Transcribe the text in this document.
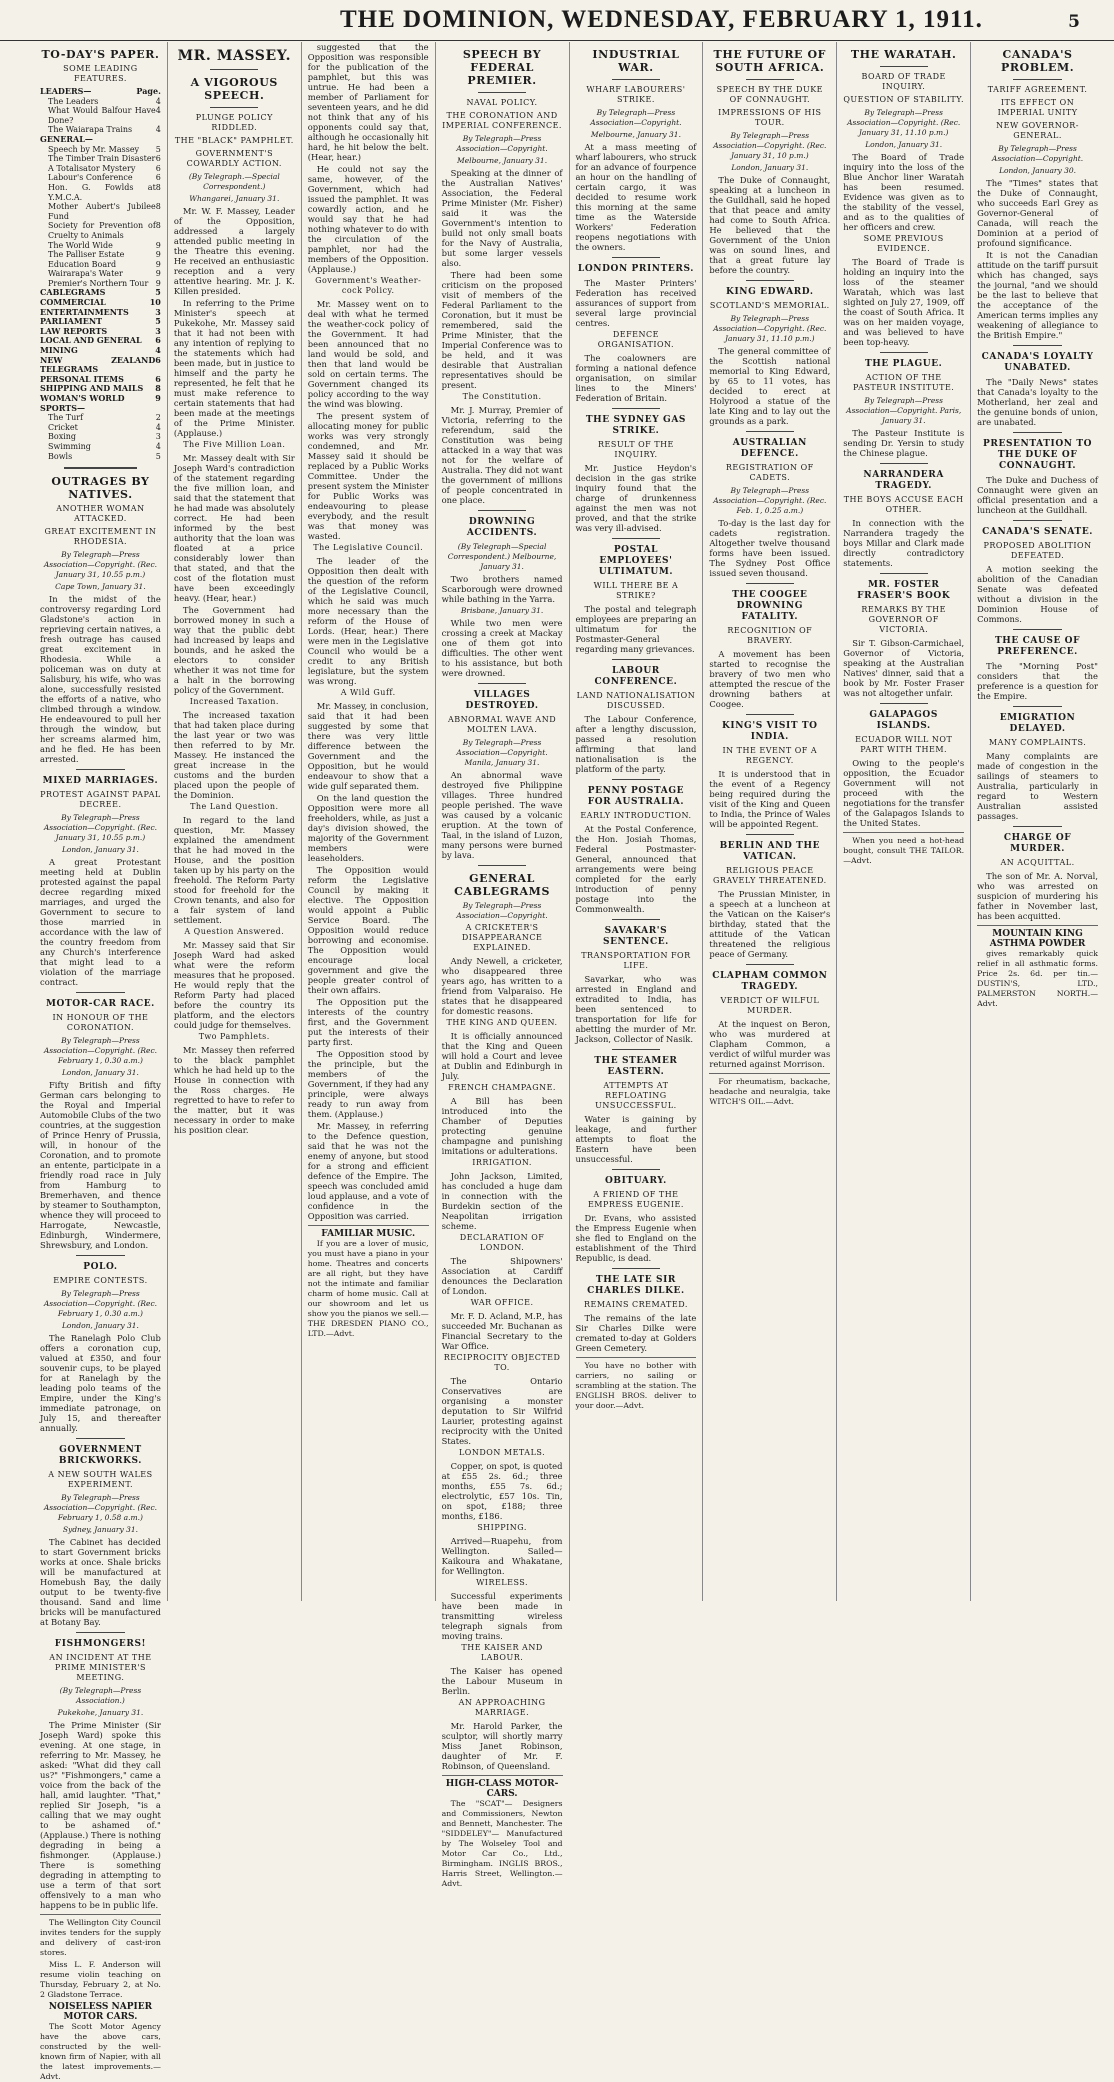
THE DOMINION, WEDNESDAY, FEBRUARY 1, 1911.	5
TO-DAY'S PAPER.
SOME LEADING FEATURES.
LEADERS—	Page.
The Leaders	4
What Would Balfour Have Done?
4
The Waiarapa Trains	4
GENERAL—
Speech by Mr. Massey 5
The Timber Train Disaster 6
A Totalisator Mystery	6
Labour's Conference	6
Hon. G. Fowlds at Y.M.C.A.
8
Mother Aubert's Jubilee Fund
8
Society for Prevention of Cruelty to Animals
8
The World Wide	9
The Palliser Estate	9
Education Board	9
Wairarapa's Water	9
Premier's Northern Tour 9
CABLEGRAMS	5
COMMERCIAL	10
ENTERTAINMENTS	3
PARLIAMENT	5
LAW REPORTS	3
LOCAL AND GENERAL 6
MINING	4
NEW ZEALAND TELEGRAMS
6
PERSONAL ITEMS	6
SHIPPING AND MAILS 8
WOMAN'S WORLD	9
SPORTS—
The Turf	2
Cricket	4
Boxing	3
Swimming	4
Bowls	5
OUTRAGES BY NATIVES.
ANOTHER WOMAN ATTACKED.
GREAT EXCITEMENT IN RHODESIA.
By Telegraph—Press Association—Copyright. (Rec. January 31, 10.55 p.m.)
Cape Town, January 31.

In the midst of the controversy regarding Lord Gladstone's action in reprieving certain natives, a fresh outrage has caused great excitement in Rhodesia. While a policeman was on duty at Salisbury, his wife, who was alone, successfully resisted the efforts of a native, who climbed through a window. He endeavoured to pull her through the window, but her screams alarmed him, and he fled. He has been arrested.

MIXED MARRIAGES.
PROTEST AGAINST PAPAL DECREE.
By Telegraph—Press Association—Copyright. (Rec. January 31, 10.55 p.m.)
London, January 31.

A great Protestant meeting held at Dublin protested against the papal decree regarding mixed marriages, and urged the Government to secure to those married in accordance with the law of the country freedom from any Church's interference that might lead to a violation of the marriage contract.

MOTOR-CAR RACE.
IN HONOUR OF THE CORONATION.
By Telegraph—Press Association—Copyright. (Rec. February 1, 0.30 a.m.)
London, January 31.

Fifty British and fifty German cars belonging to the Royal and Imperial Automobile Clubs of the two countries, at the suggestion of Prince Henry of Prussia, will, in honour of the Coronation, and to promote an entente, participate in a friendly road race in July from Hamburg to Bremerhaven, and thence by steamer to Southampton, whence they will proceed to Harrogate, Newcastle, Edinburgh, Windermere, Shrewsbury, and London.

POLO.
EMPIRE CONTESTS.
By Telegraph—Press Association—Copyright. (Rec. February 1, 0.30 a.m.)
London, January 31.

The Ranelagh Polo Club offers a coronation cup, valued at £350, and four souvenir cups, to be played for at Ranelagh by the leading polo teams of the Empire, under the King's immediate patronage, on July 15, and thereafter annually.

GOVERNMENT BRICKWORKS.
A NEW SOUTH WALES EXPERIMENT.
By Telegraph—Press Association—Copyright. (Rec. February 1, 0.58 a.m.)
Sydney, January 31.

The Cabinet has decided to start Government bricks works at once. Shale bricks will be manufactured at Homebush Bay, the daily output to be twenty-five thousand. Sand and lime bricks will be manufactured at Botany Bay.

FISHMONGERS!
AN INCIDENT AT THE PRIME MINISTER'S MEETING.
(By Telegraph—Press Association.)
Pukekohe, January 31.

The Prime Minister (Sir Joseph Ward) spoke this evening. At one stage, in referring to Mr. Massey, he asked: "What did they call us?" "Fishmongers," came a voice from the back of the hall, amid laughter. "That," replied Sir Joseph, "is a calling that we may ought to be ashamed of." (Applause.) There is nothing degrading in being a fishmonger. (Applause.) There is something degrading in attempting to use a term of that sort offensively to a man who happens to be in public life.

The Wellington City Council invites tenders for the supply and delivery of cast-iron stores.

Miss L. F. Anderson will resume violin teaching on Thursday, February 2, at No. 2 Gladstone Terrace.

NOISELESS NAPIER MOTOR CARS.

The Scott Motor Agency have the above cars, constructed by the well-known firm of Napier, with all the latest improvements.—Advt.

MR. MASSEY.
A VIGOROUS SPEECH.
PLUNGE POLICY RIDDLED.
THE "BLACK" PAMPHLET.
GOVERNMENT'S COWARDLY ACTION.
(By Telegraph.—Special Correspondent.)
Whangarei, January 31.

Mr. W. F. Massey, Leader of the Opposition, addressed a largely attended public meeting in the Theatre this evening. He received an enthusiastic reception and a very attentive hearing. Mr. J. K. Killen presided.

In referring to the Prime Minister's speech at Pukekohe, Mr. Massey said that it had not been with any intention of replying to the statements which had been made, but in justice to himself and the party he represented, he felt that he must make reference to certain statements that had been made at the meetings of the Prime Minister. (Applause.)

The Five Million Loan.

Mr. Massey dealt with Sir Joseph Ward's contradiction of the statement regarding the five million loan, and said that the statement that he had made was absolutely correct. He had been informed by the best authority that the loan was floated at a price considerably lower than that stated, and that the cost of the flotation must have been exceedingly heavy. (Hear, hear.)

The Government had borrowed money in such a way that the public debt had increased by leaps and bounds, and he asked the electors to consider whether it was not time for a halt in the borrowing policy of the Government.

Increased Taxation.

The increased taxation that had taken place during the last year or two was then referred to by Mr. Massey. He instanced the great increase in the customs and the burden placed upon the people of the Dominion.

The Land Question.

In regard to the land question, Mr. Massey explained the amendment that he had moved in the House, and the position taken up by his party on the freehold. The Reform Party stood for freehold for the Crown tenants, and also for a fair system of land settlement.

A Question Answered.

Mr. Massey said that Sir Joseph Ward had asked what were the reform measures that he proposed. He would reply that the Reform Party had placed before the country its platform, and the electors could judge for themselves.

Two Pamphlets.

Mr. Massey then referred to the black pamphlet which he had held up to the House in connection with the Ross charges. He regretted to have to refer to the matter, but it was necessary in order to make his position clear.

suggested that the Opposition was responsible for the publication of the pamphlet, but this was untrue. He had been a member of Parliament for seventeen years, and he did not think that any of his opponents could say that, although he occasionally hit hard, he hit below the belt. (Hear, hear.)

He could not say the same, however, of the Government, which had issued the pamphlet. It was cowardly action, and he would say that he had nothing whatever to do with the circulation of the pamphlet, nor had the members of the Opposition. (Applause.)

Government's Weather-cock Policy.

Mr. Massey went on to deal with what he termed the weather-cock policy of the Government. It had been announced that no land would be sold, and then that land would be sold on certain terms. The Government changed its policy according to the way the wind was blowing.

The present system of allocating money for public works was very strongly condemned, and Mr. Massey said it should be replaced by a Public Works Committee. Under the present system the Minister for Public Works was endeavouring to please everybody, and the result was that money was wasted.

The Legislative Council.

The leader of the Opposition then dealt with the question of the reform of the Legislative Council, which he said was much more necessary than the reform of the House of Lords. (Hear, hear.) There were men in the Legislative Council who would be a credit to any British legislature, but the system was wrong.

A Wild Guff.

Mr. Massey, in conclusion, said that it had been suggested by some that there was very little difference between the Government and the Opposition, but he would endeavour to show that a wide gulf separated them.

On the land question the Opposition were more all freeholders, while, as just a day's division showed, the majority of the Government members were leaseholders.

The Opposition would reform the Legislative Council by making it elective. The Opposition would appoint a Public Service Board. The Opposition would reduce borrowing and economise. The Opposition would encourage local government and give the people greater control of their own affairs.

The Opposition put the interests of the country first, and the Government put the interests of their party first.

The Opposition stood by the principle, but the members of the Government, if they had any principle, were always ready to run away from them. (Applause.)

Mr. Massey, in referring to the Defence question, said that he was not the enemy of anyone, but stood for a strong and efficient defence of the Empire. The speech was concluded amid loud applause, and a vote of confidence in the Opposition was carried.

FAMILIAR MUSIC.

If you are a lover of music, you must have a piano in your home. Theatres and concerts are all right, but they have not the intimate and familiar charm of home music. Call at our showroom and let us show you the pianos we sell.—THE DRESDEN PIANO CO., LTD.—Advt.

SPEECH BY FEDERAL PREMIER.
NAVAL POLICY.
THE CORONATION AND IMPERIAL CONFERENCE.
By Telegraph—Press Association—Copyright.
Melbourne, January 31.

Speaking at the dinner of the Australian Natives' Association, the Federal Prime Minister (Mr. Fisher) said it was the Government's intention to build not only small boats for the Navy of Australia, but some larger vessels also.

There had been some criticism on the proposed visit of members of the Federal Parliament to the Coronation, but it must be remembered, said the Prime Minister, that the Imperial Conference was to be held, and it was desirable that Australian representatives should be present.

The Constitution.

Mr. J. Murray, Premier of Victoria, referring to the referendum, said the Constitution was being attacked in a way that was not for the welfare of Australia. They did not want the government of millions of people concentrated in one place.

DROWNING ACCIDENTS.
(By Telegraph—Special Correspondent.) Melbourne, January 31.

Two brothers named Scarborough were drowned while bathing in the Yarra.

Brisbane, January 31.

While two men were crossing a creek at Mackay one of them got into difficulties. The other went to his assistance, but both were drowned.

VILLAGES DESTROYED.
ABNORMAL WAVE AND MOLTEN LAVA.
By Telegraph—Press Association—Copyright. Manila, January 31.

An abnormal wave destroyed five Philippine villages. Three hundred people perished. The wave was caused by a volcanic eruption. At the town of Taal, in the island of Luzon, many persons were burned by lava.

GENERAL CABLEGRAMS
By Telegraph—Press Association—Copyright.
A CRICKETER'S DISAPPEARANCE EXPLAINED.

Andy Newell, a cricketer, who disappeared three years ago, has written to a friend from Valparaiso. He states that he disappeared for domestic reasons.

THE KING AND QUEEN.

It is officially announced that the King and Queen will hold a Court and levee at Dublin and Edinburgh in July.

FRENCH CHAMPAGNE.

A Bill has been introduced into the Chamber of Deputies protecting genuine champagne and punishing imitations or adulterations.

IRRIGATION.

John Jackson, Limited, has concluded a huge dam in connection with the Burdekin section of the Neapolitan irrigation scheme.

DECLARATION OF LONDON.

The Shipowners' Association at Cardiff denounces the Declaration of London.

WAR OFFICE.

Mr. F. D. Acland, M.P., has succeeded Mr. Buchanan as Financial Secretary to the War Office.

RECIPROCITY OBJECTED TO.

The Ontario Conservatives are organising a monster deputation to Sir Wilfrid Laurier, protesting against reciprocity with the United States.

LONDON METALS.

Copper, on spot, is quoted at £55 2s. 6d.; three months, £55 7s. 6d.; electrolytic, £57 10s. Tin, on spot, £188; three months, £186.

SHIPPING.

Arrived—Ruapehu, from Wellington. Sailed—Kaikoura and Whakatane, for Wellington.

WIRELESS.

Successful experiments have been made in transmitting wireless telegraph signals from moving trains.

THE KAISER AND LABOUR.

The Kaiser has opened the Labour Museum in Berlin.

AN APPROACHING MARRIAGE.

Mr. Harold Parker, the sculptor, will shortly marry Miss Janet Robinson, daughter of Mr. F. Robinson, of Queensland.

HIGH-CLASS MOTOR-CARS.

The "SCAT"— Designers and Commissioners, Newton and Bennett, Manchester. The "SIDDELEY"— Manufactured by The Wolseley Tool and Motor Car Co., Ltd., Birmingham. INGLIS BROS., Harris Street, Wellington.—Advt.

INDUSTRIAL WAR.
WHARF LABOURERS' STRIKE.
By Telegraph—Press Association—Copyright.
Melbourne, January 31.

At a mass meeting of wharf labourers, who struck for an advance of fourpence an hour on the handling of certain cargo, it was decided to resume work this morning at the same time as the Waterside Workers' Federation reopens negotiations with the owners.

LONDON PRINTERS.

The Master Printers' Federation has received assurances of support from several large provincial centres.

DEFENCE ORGANISATION.

The coalowners are forming a national defence organisation, on similar lines to the Miners' Federation of Britain.

THE SYDNEY GAS STRIKE.
RESULT OF THE INQUIRY.

Mr. Justice Heydon's decision in the gas strike inquiry found that the charge of drunkenness against the men was not proved, and that the strike was very ill-advised.

POSTAL EMPLOYEES' ULTIMATUM.
WILL THERE BE A STRIKE?

The postal and telegraph employees are preparing an ultimatum for the Postmaster-General regarding many grievances.

LABOUR CONFERENCE.
LAND NATIONALISATION DISCUSSED.

The Labour Conference, after a lengthy discussion, passed a resolution affirming that land nationalisation is the platform of the party.

PENNY POSTAGE FOR AUSTRALIA.
EARLY INTRODUCTION.

At the Postal Conference, the Hon. Josiah Thomas, Federal Postmaster-General, announced that arrangements were being completed for the early introduction of penny postage into the Commonwealth.

SAVAKAR'S SENTENCE.
TRANSPORTATION FOR LIFE.

Savarkar, who was arrested in England and extradited to India, has been sentenced to transportation for life for abetting the murder of Mr. Jackson, Collector of Nasik.

THE STEAMER EASTERN.
ATTEMPTS AT REFLOATING UNSUCCESSFUL.

Water is gaining by leakage, and further attempts to float the Eastern have been unsuccessful.

OBITUARY.
A FRIEND OF THE EMPRESS EUGENIE.

Dr. Evans, who assisted the Empress Eugenie when she fled to England on the establishment of the Third Republic, is dead.

THE LATE SIR CHARLES DILKE.
REMAINS CREMATED.

The remains of the late Sir Charles Dilke were cremated to-day at Golders Green Cemetery.

You have no bother with carriers, no sailing or scrambling at the station. The ENGLISH BROS. deliver to your door.—Advt.

THE FUTURE OF SOUTH AFRICA.
SPEECH BY THE DUKE OF CONNAUGHT.
IMPRESSIONS OF HIS TOUR.
By Telegraph—Press Association—Copyright. (Rec. January 31, 10 p.m.)
London, January 31.

The Duke of Connaught, speaking at a luncheon in the Guildhall, said he hoped that that peace and amity had come to South Africa. He believed that the Government of the Union was on sound lines, and that a great future lay before the country.

KING EDWARD.
SCOTLAND'S MEMORIAL.
By Telegraph—Press Association—Copyright. (Rec. January 31, 11.10 p.m.)

The general committee of the Scottish national memorial to King Edward, by 65 to 11 votes, has decided to erect at Holyrood a statue of the late King and to lay out the grounds as a park.

AUSTRALIAN DEFENCE.
REGISTRATION OF CADETS.
By Telegraph—Press Association—Copyright. (Rec. Feb. 1, 0.25 a.m.)

To-day is the last day for cadets registration. Altogether twelve thousand forms have been issued. The Sydney Post Office issued seven thousand.

THE COOGEE DROWNING FATALITY.
RECOGNITION OF BRAVERY.

A movement has been started to recognise the bravery of two men who attempted the rescue of the drowning bathers at Coogee.

KING'S VISIT TO INDIA.
IN THE EVENT OF A REGENCY.

It is understood that in the event of a Regency being required during the visit of the King and Queen to India, the Prince of Wales will be appointed Regent.

BERLIN AND THE VATICAN.
RELIGIOUS PEACE GRAVELY THREATENED.

The Prussian Minister, in a speech at a luncheon at the Vatican on the Kaiser's birthday, stated that the attitude of the Vatican threatened the religious peace of Germany.

CLAPHAM COMMON TRAGEDY.
VERDICT OF WILFUL MURDER.

At the inquest on Beron, who was murdered at Clapham Common, a verdict of wilful murder was returned against Morrison.

For rheumatism, backache, headache and neuralgia, take WITCH'S OIL.—Advt.

THE WARATAH.
BOARD OF TRADE INQUIRY.
QUESTION OF STABILITY.
By Telegraph—Press Association—Copyright. (Rec. January 31, 11.10 p.m.)
London, January 31.

The Board of Trade inquiry into the loss of the Blue Anchor liner Waratah has been resumed. Evidence was given as to the stability of the vessel, and as to the qualities of her officers and crew.

SOME PREVIOUS EVIDENCE.

The Board of Trade is holding an inquiry into the loss of the steamer Waratah, which was last sighted on July 27, 1909, off the coast of South Africa. It was on her maiden voyage, and was believed to have been top-heavy.

THE PLAGUE.
ACTION OF THE PASTEUR INSTITUTE.
By Telegraph—Press Association—Copyright. Paris, January 31.

The Pasteur Institute is sending Dr. Yersin to study the Chinese plague.

NARRANDERA TRAGEDY.
THE BOYS ACCUSE EACH OTHER.

In connection with the Narrandera tragedy the boys Millar and Clark made directly contradictory statements.

MR. FOSTER FRASER'S BOOK
REMARKS BY THE GOVERNOR OF VICTORIA.

Sir T. Gibson-Carmichael, Governor of Victoria, speaking at the Australian Natives' dinner, said that a book by Mr. Foster Fraser was not altogether unfair.

GALAPAGOS ISLANDS.
ECUADOR WILL NOT PART WITH THEM.

Owing to the people's opposition, the Ecuador Government will not proceed with the negotiations for the transfer of the Galapagos Islands to the United States.

When you need a hot-head bought, consult THE TAILOR.—Advt.

CANADA'S PROBLEM.
TARIFF AGREEMENT.
ITS EFFECT ON IMPERIAL UNITY
NEW GOVERNOR-GENERAL.
By Telegraph—Press Association—Copyright.
London, January 30.

The "Times" states that the Duke of Connaught, who succeeds Earl Grey as Governor-General of Canada, will reach the Dominion at a period of profound significance.

It is not the Canadian attitude on the tariff pursuit which has changed, says the journal, "and we should be the last to believe that the acceptance of the American terms implies any weakening of allegiance to the British Empire."

CANADA'S LOYALTY UNABATED.

The "Daily News" states that Canada's loyalty to the Motherland, her zeal and the genuine bonds of union, are unabated.

PRESENTATION TO THE DUKE OF CONNAUGHT.

The Duke and Duchess of Connaught were given an official presentation and a luncheon at the Guildhall.

CANADA'S SENATE.
PROPOSED ABOLITION DEFEATED.

A motion seeking the abolition of the Canadian Senate was defeated without a division in the Dominion House of Commons.

THE CAUSE OF PREFERENCE.

The "Morning Post" considers that the preference is a question for the Empire.

EMIGRATION DELAYED.
MANY COMPLAINTS.

Many complaints are made of congestion in the sailings of steamers to Australia, particularly in regard to Western Australian assisted passages.

CHARGE OF MURDER.
AN ACQUITTAL.

The son of Mr. A. Norval, who was arrested on suspicion of murdering his father in November last, has been acquitted.

MOUNTAIN KING ASTHMA POWDER

gives remarkably quick relief in all asthmatic forms. Price 2s. 6d. per tin.—DUSTIN'S, LTD., PALMERSTON NORTH.—Advt.
